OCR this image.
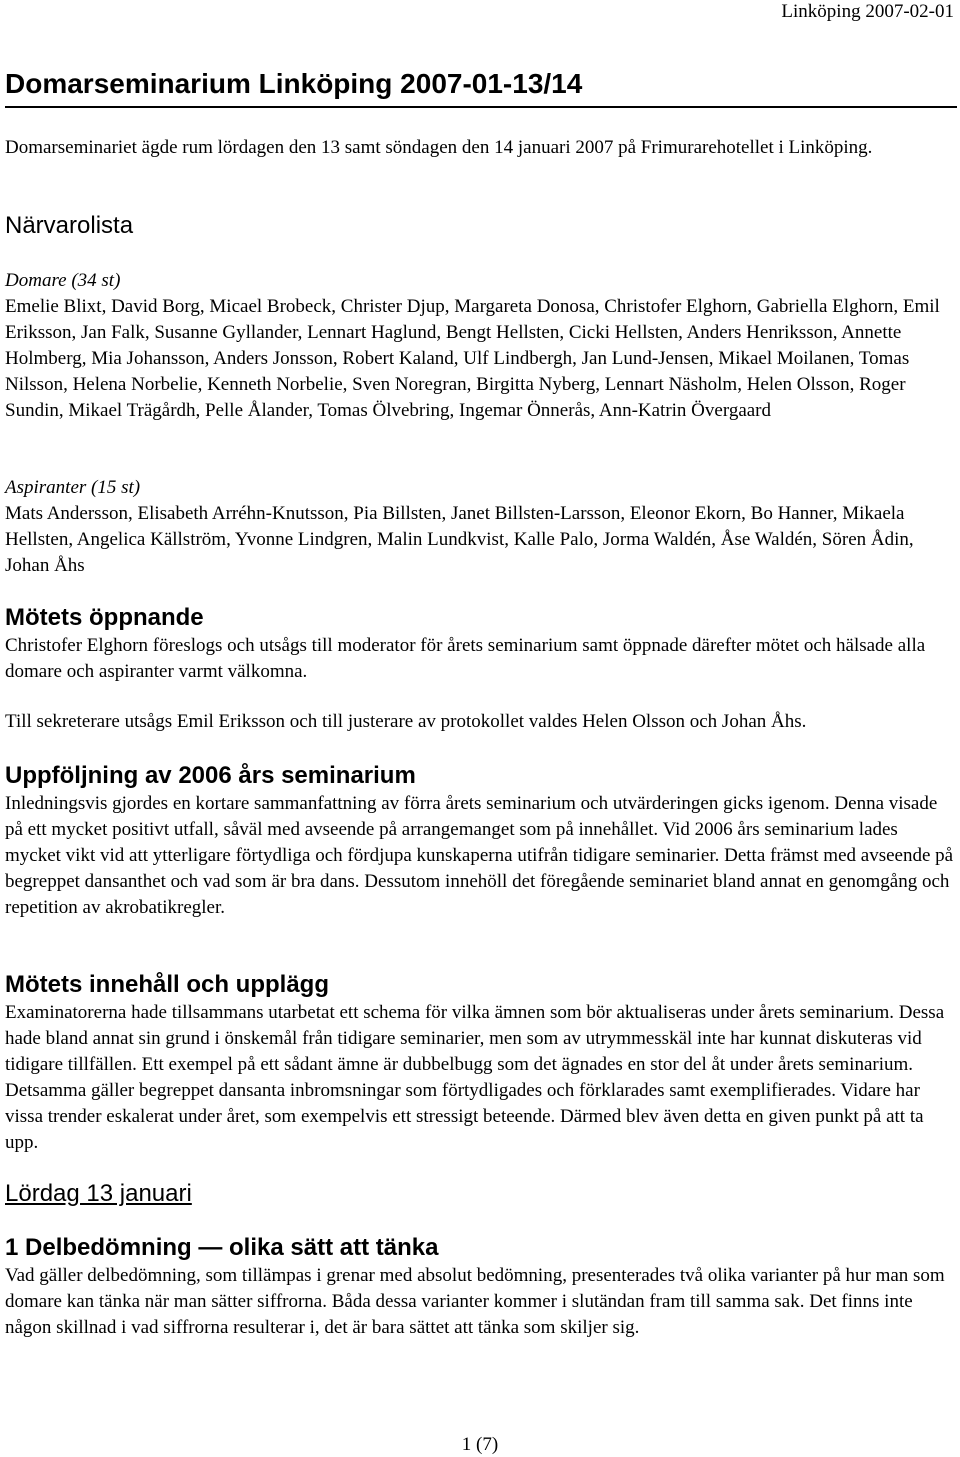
Linköping 2007-02-01
Domarseminarium Linköping 2007-01-13/14

Domarseminariet ägde rum lördagen den 13 samt söndagen den 14 januari 2007 på Frimurarehotellet i Linköping.

Närvarolista

Domare (34 st)

Emelie Blixt, David Borg, Micael Brobeck, Christer Djup, Margareta Donosa, Christofer Elghorn, Gabriella Elghorn, Emil Eriksson, Jan Falk, Susanne Gyllander, Lennart Haglund, Bengt Hellsten, Cicki Hellsten, Anders Henriksson, Annette Holmberg, Mia Johansson, Anders Jonsson, Robert Kaland, Ulf Lindbergh, Jan Lund-Jensen, Mikael Moilanen, Tomas Nilsson, Helena Norbelie, Kenneth Norbelie, Sven Noregran, Birgitta Nyberg, Lennart Näsholm, Helen Olsson, Roger Sundin, Mikael Trägårdh, Pelle Ålander, Tomas Ölvebring, Ingemar Önnerås, Ann-Katrin Övergaard

Aspiranter (15 st)

Mats Andersson, Elisabeth Arréhn-Knutsson, Pia Billsten, Janet Billsten-Larsson, Eleonor Ekorn, Bo Hanner, Mikaela Hellsten, Angelica Källström, Yvonne Lindgren, Malin Lundkvist, Kalle Palo, Jorma Waldén, Åse Waldén, Sören Ådin, Johan Åhs

Mötets öppnande

Christofer Elghorn föreslogs och utsågs till moderator för årets seminarium samt öppnade därefter mötet och hälsade alla domare och aspiranter varmt välkomna.

Till sekreterare utsågs Emil Eriksson och till justerare av protokollet valdes Helen Olsson och Johan Åhs.

Uppföljning av 2006 års seminarium

Inledningsvis gjordes en kortare sammanfattning av förra årets seminarium och utvärderingen gicks igenom. Denna visade på ett mycket positivt utfall, såväl med avseende på arrangemanget som på innehållet. Vid 2006 års seminarium lades mycket vikt vid att ytterligare förtydliga och fördjupa kunskaperna utifrån tidigare seminarier. Detta främst med avseende på begreppet dansanthet och vad som är bra dans. Dessutom innehöll det föregående seminariet bland annat en genomgång och repetition av akrobatikregler.

Mötets innehåll och upplägg

Examinatorerna hade tillsammans utarbetat ett schema för vilka ämnen som bör aktualiseras under årets seminarium. Dessa hade bland annat sin grund i önskemål från tidigare seminarier, men som av utrymmesskäl inte har kunnat diskuteras vid tidigare tillfällen. Ett exempel på ett sådant ämne är dubbelbugg som det ägnades en stor del åt under årets seminarium. Detsamma gäller begreppet dansanta inbromsningar som förtydligades och förklarades samt exemplifierades. Vidare har vissa trender eskalerat under året, som exempelvis ett stressigt beteende. Därmed blev även detta en given punkt på att ta upp.

Lördag 13 januari
1 Delbedömning — olika sätt att tänka

Vad gäller delbedömning, som tillämpas i grenar med absolut bedömning, presenterades två olika varianter på hur man som domare kan tänka när man sätter siffrorna. Båda dessa varianter kommer i slutändan fram till samma sak. Det finns inte någon skillnad i vad siffrorna resulterar i, det är bara sättet att tänka som skiljer sig.

1 (7)
